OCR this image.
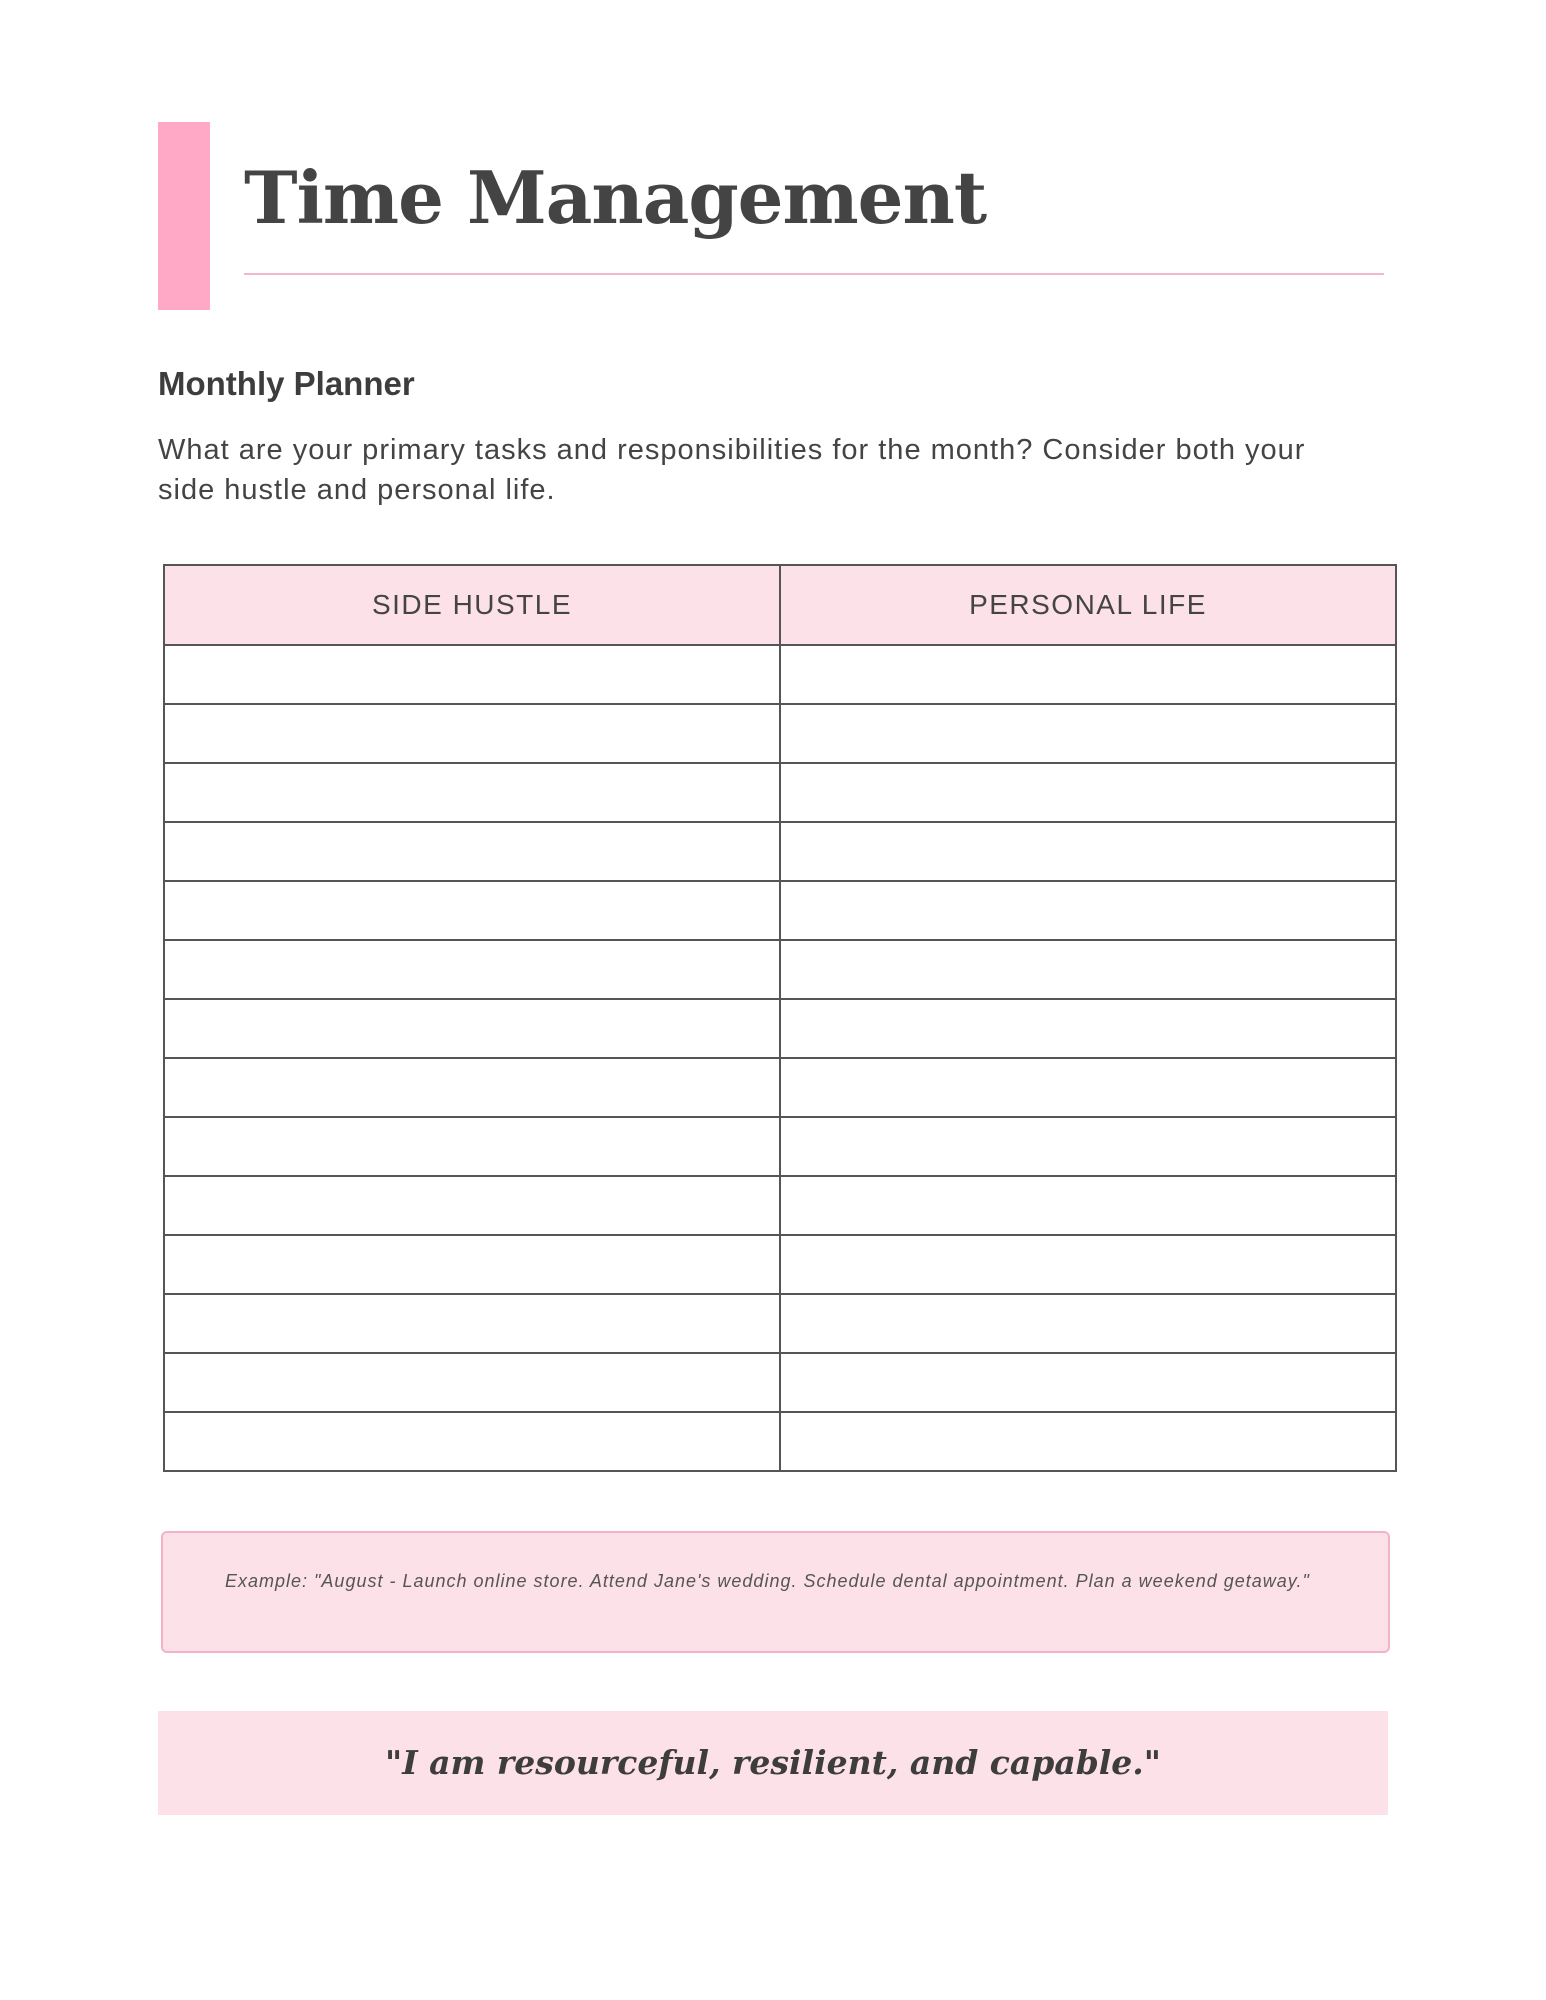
Time Management
Monthly Planner

What are your primary tasks and responsibilities for the month? Consider both your side hustle and personal life.

SIDE HUSTLE	PERSONAL LIFE

Example: "August - Launch online store. Attend Jane's wedding. Schedule dental appointment. Plan a weekend getaway."

"I am resourceful, resilient, and capable."
